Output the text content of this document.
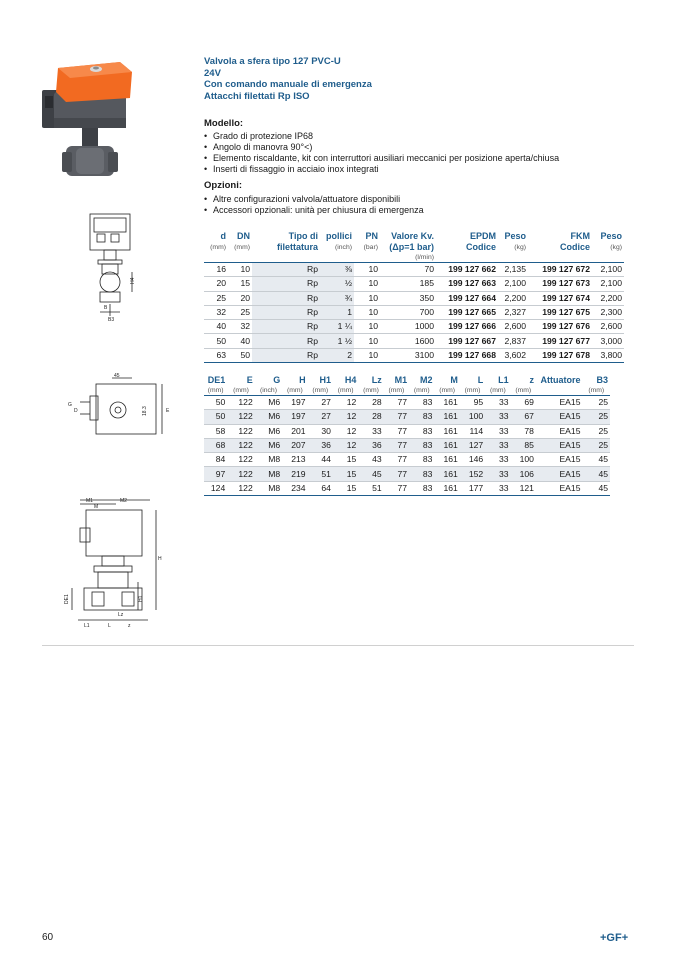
H4
B
B3
45
G
D	E
18.3
M1	M2
M
H
H1
DE1
L
L1
Lz
z
Valvola a sfera tipo 127 PVC-U
24V
Con comando manuale di emergenza
Attacchi filettati Rp ISO
Modello:
• Grado di protezione IP68
• Angolo di manovra 90°<)
• Elemento riscaldante, kit con interruttori ausiliari meccanici per posizione aperta/chiusa
• Inserti di fissaggio in acciaio inox integrati
Opzioni:
• Altre configurazioni valvola/attuatore disponibili
• Accessori opzionali: unità per chiusura di emergenza
d	DN	Tipo di	pollici	PN	Valore Kv.	EPDM	Peso	FKM	Peso
(mm)	(mm)	filettatura	(inch)	(bar)	(Δp=1 bar)	Codice	(kg)	Codice	(kg)
					(l/min)				
16	10	Rp	⅜	10	70	199 127 662	2,135	199 127 672	2,100
20	15	Rp	½	10	185	199 127 663	2,100	199 127 673	2,100
25	20	Rp	¾	10	350	199 127 664	2,200	199 127 674	2,200
32	25	Rp	1	10	700	199 127 665	2,327	199 127 675	2,300
40	32	Rp	1 ¼	10	1000	199 127 666	2,600	199 127 676	2,600
50	40	Rp	1 ½	10	1600	199 127 667	2,837	199 127 677	3,000
63	50	Rp	2	10	3100	199 127 668	3,602	199 127 678	3,800
DE1	E	G	H	H1	H4	Lz	M1	M2	M	L	L1	z	Attuatore	B3
(mm)	(mm)	(inch)	(mm)	(mm)	(mm)	(mm)	(mm)	(mm)	(mm)	(mm)	(mm)	(mm)		(mm)
50	122	M6	197	27	12	28	77	83	161	95	33	69	EA15	25
50	122	M6	197	27	12	28	77	83	161	100	33	67	EA15	25
58	122	M6	201	30	12	33	77	83	161	114	33	78	EA15	25
68	122	M6	207	36	12	36	77	83	161	127	33	85	EA15	25
84	122	M8	213	44	15	43	77	83	161	146	33	100	EA15	45
97	122	M8	219	51	15	45	77	83	161	152	33	106	EA15	45
124	122	M8	234	64	15	51	77	83	161	177	33	121	EA15	45
60	+GF+
